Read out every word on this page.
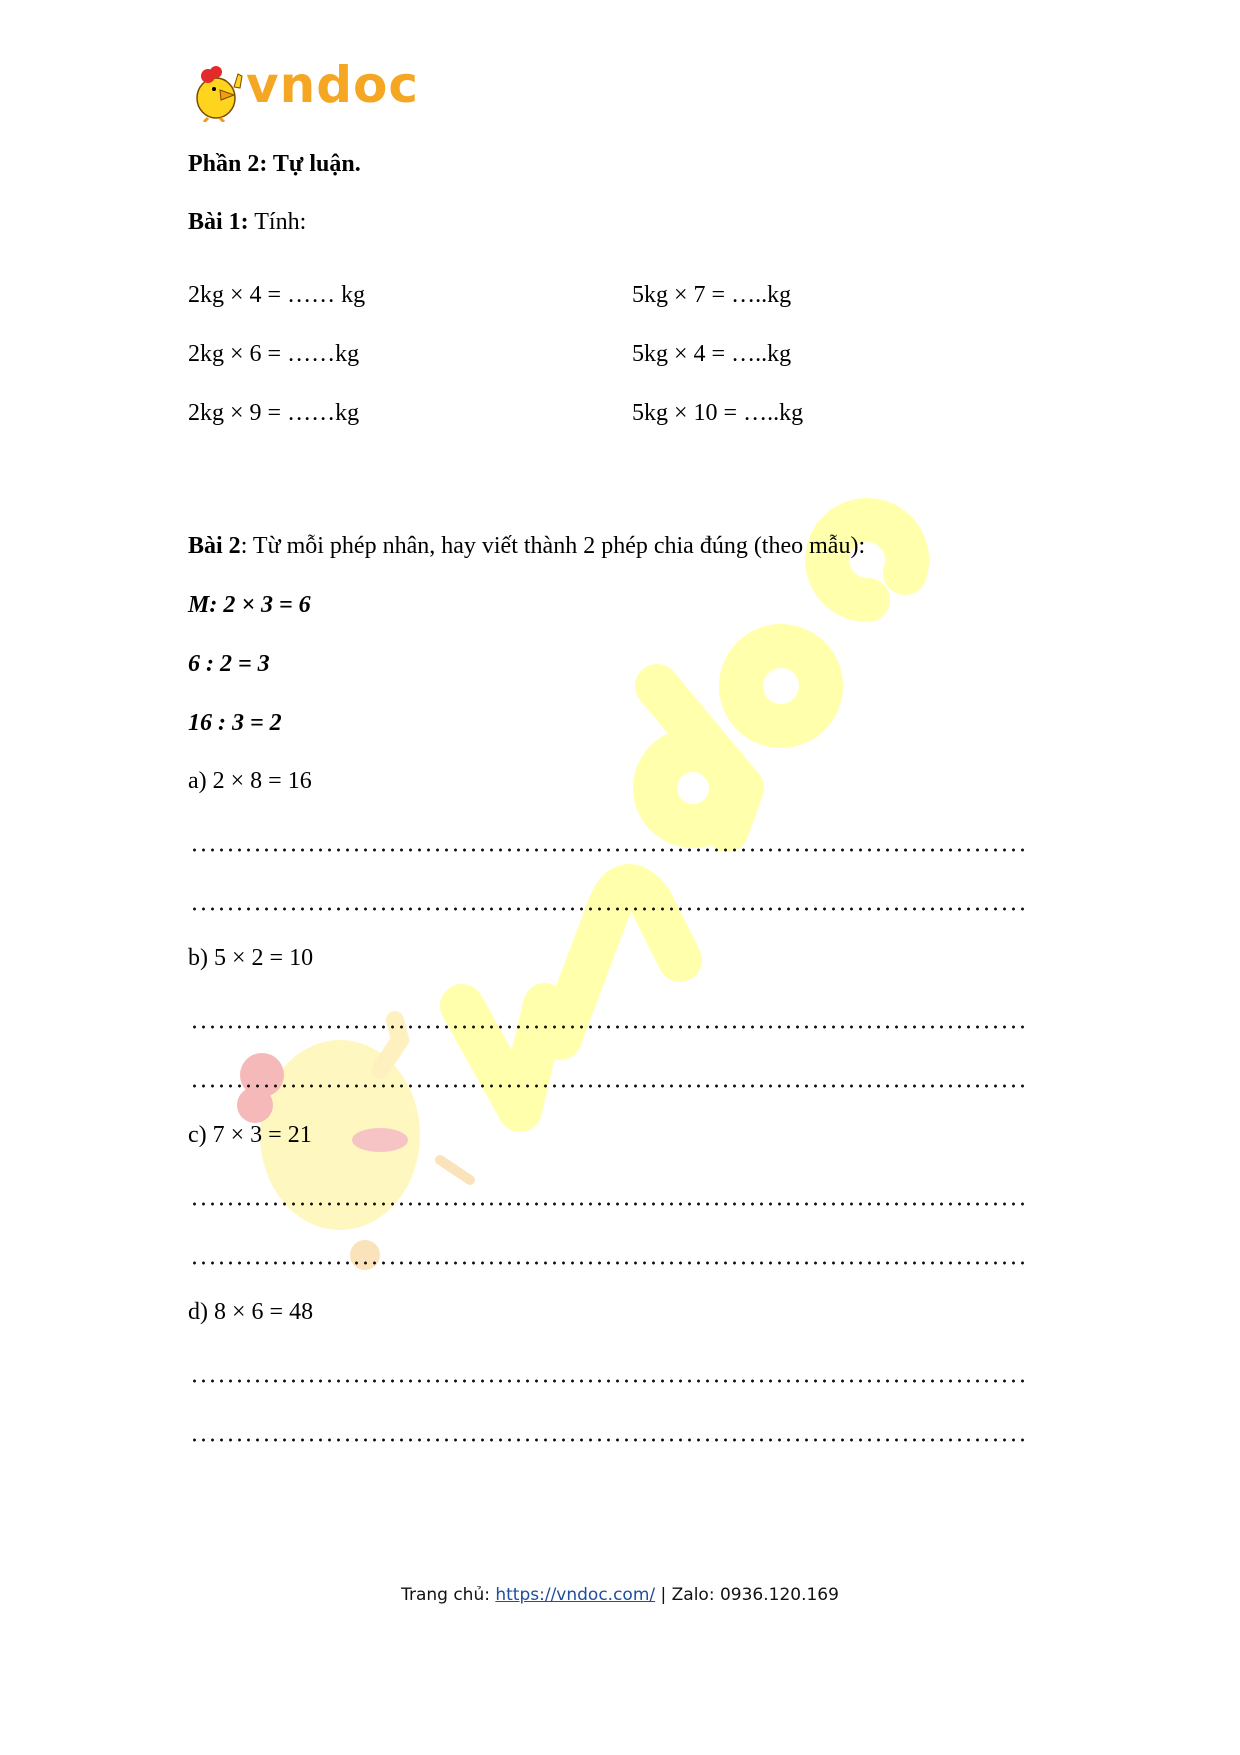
vndoc
Phần 2: Tự luận.
Bài 1: Tính:
2kg × 4 = …… kg
2kg × 6 = ……kg
2kg × 9 = ……kg
5kg × 7 = …..kg
5kg × 4 = …..kg
5kg × 10 = …..kg
Bài 2: Từ mỗi phép nhân, hay viết thành 2 phép chia đúng (theo mẫu):
M: 2 × 3 = 6
6 : 2 = 3
16 : 3 = 2
a) 2 × 8 = 16
b) 5 × 2 = 10
c) 7 × 3 = 21
d) 8 × 6 = 48
Trang chủ: https://vndoc.com/ | Zalo: 0936.120.169
